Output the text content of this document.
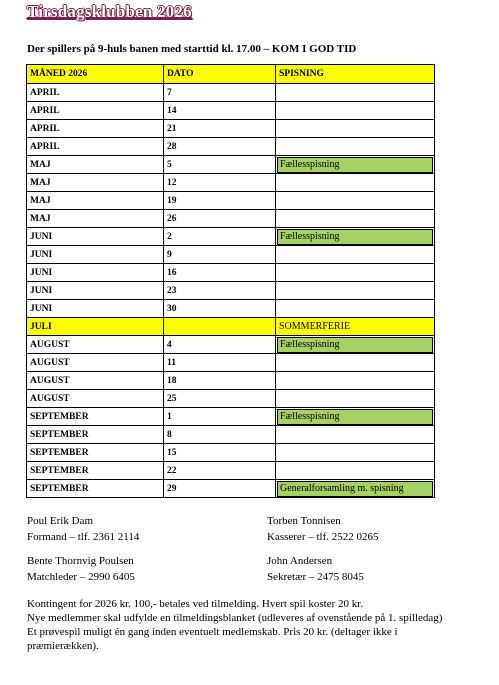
Tirsdagsklubben 2026
Der spillers på 9-huls banen med starttid kl. 17.00 – KOM I GOD TID
MÅNED 2026	DATO	SPISNING
APRIL	7	
APRIL	14	
APRIL	21	
APRIL	28	
MAJ	5	Fællesspisning

MAJ	12	
MAJ	19	
MAJ	26	
JUNI	2	Fællesspisning

JUNI	9	
JUNI	16	
JUNI	23	
JUNI	30	
JULI		SOMMERFERIE

AUGUST	4	Fællesspisning

AUGUST	11	
AUGUST	18	
AUGUST	25	
SEPTEMBER	1	Fællesspisning

SEPTEMBER	8	
SEPTEMBER	15	
SEPTEMBER	22	
SEPTEMBER	29	Generalforsamling m. spisning
Poul Erik Dam
Formand – tlf. 2361 2114
Torben Tonnisen
Kasserer – tlf. 2522 0265
Bente Thornvig Poulsen
Matchleder – 2990 6405
John Andersen
Sekretær – 2475 8045

Kontingent for 2026 kr. 100,- betales ved tilmelding. Hvert spil koster 20 kr.

Nye medlemmer skal udfylde en tilmeldingsblanket (udleveres af ovenstående på 1. spilledag)

Et prøvespil muligt én gang inden eventuelt medlemskab. Pris 20 kr. (deltager ikke i præmierækken).
